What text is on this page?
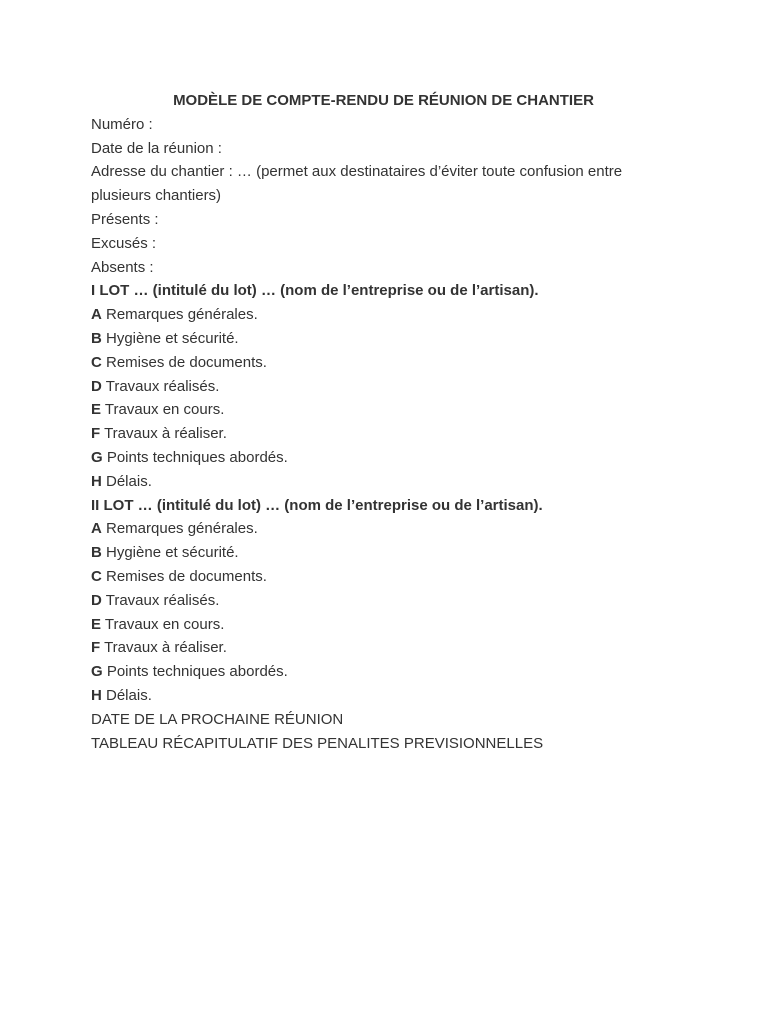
MODÈLE DE COMPTE-RENDU DE RÉUNION DE CHANTIER

Numéro :

Date de la réunion :

Adresse du chantier : … (permet aux destinataires d’éviter toute confusion entre plusieurs chantiers)

Présents :

Excusés :

Absents :

I LOT … (intitulé du lot) … (nom de l’entreprise ou de l’artisan).

A Remarques générales.

B Hygiène et sécurité.

C Remises de documents.

D Travaux réalisés.

E Travaux en cours.

F Travaux à réaliser.

G Points techniques abordés.

H Délais.

II LOT … (intitulé du lot) … (nom de l’entreprise ou de l’artisan).

A Remarques générales.

B Hygiène et sécurité.

C Remises de documents.

D Travaux réalisés.

E Travaux en cours.

F Travaux à réaliser.

G Points techniques abordés.

H Délais.

DATE DE LA PROCHAINE RÉUNION

TABLEAU RÉCAPITULATIF DES PENALITES PREVISIONNELLES
